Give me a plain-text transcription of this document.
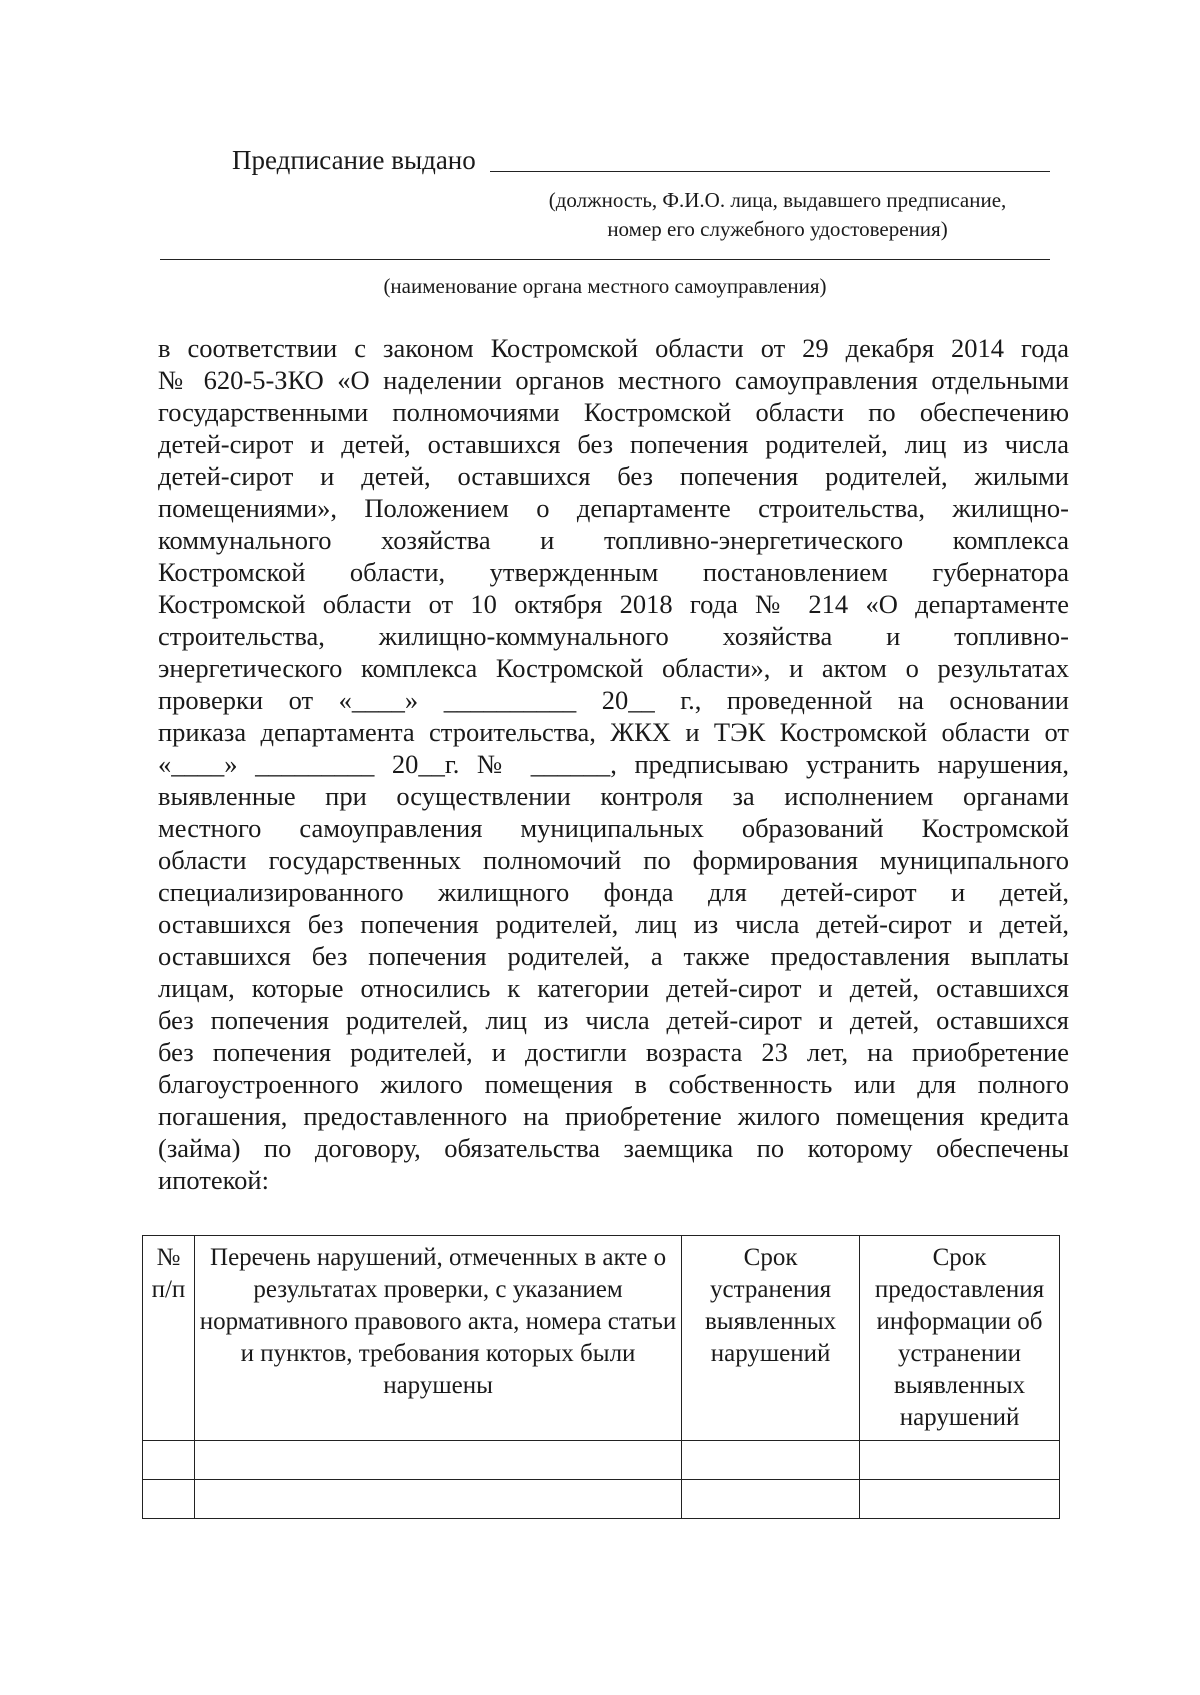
Предписание выдано
(должность, Ф.И.О. лица, выдавшего предписание,
номер его служебного удостоверения)
(наименование органа местного самоуправления)
в соответствии с законом Костромской области от 29 декабря 2014 года
№ 620-5-ЗКО «О наделении органов местного самоуправления отдельными
государственными полномочиями Костромской области по обеспечению
детей-сирот и детей, оставшихся без попечения родителей, лиц из числа
детей-сирот и детей, оставшихся без попечения родителей, жилыми
помещениями», Положением о департаменте строительства, жилищно-
коммунального хозяйства и топливно-энергетического комплекса
Костромской области, утвержденным постановлением губернатора
Костромской области от 10 октября 2018 года № 214 «О департаменте
строительства, жилищно-коммунального хозяйства и топливно-
энергетического комплекса Костромской области», и актом о результатах
проверки от «____» __________ 20__ г., проведенной на основании
приказа департамента строительства, ЖКХ и ТЭК Костромской области от
«____» _________ 20__г. № ______, предписываю устранить нарушения,
выявленные при осуществлении контроля за исполнением органами
местного самоуправления муниципальных образований Костромской
области государственных полномочий по формирования муниципального
специализированного жилищного фонда для детей-сирот и детей,
оставшихся без попечения родителей, лиц из числа детей-сирот и детей,
оставшихся без попечения родителей, а также предоставления выплаты
лицам, которые относились к категории детей-сирот и детей, оставшихся
без попечения родителей, лиц из числа детей-сирот и детей, оставшихся
без попечения родителей, и достигли возраста 23 лет, на приобретение
благоустроенного жилого помещения в собственность или для полного
погашения, предоставленного на приобретение жилого помещения кредита
(займа) по договору, обязательства заемщика по которому обеспечены
ипотекой:
№ п/п	Перечень нарушений, отмеченных в акте о результатах проверки, с указанием нормативного правового акта, номера статьи и пунктов, требования которых были нарушены	Срок устранения выявленных нарушений	Срок предоставления информации об устранении выявленных нарушений
